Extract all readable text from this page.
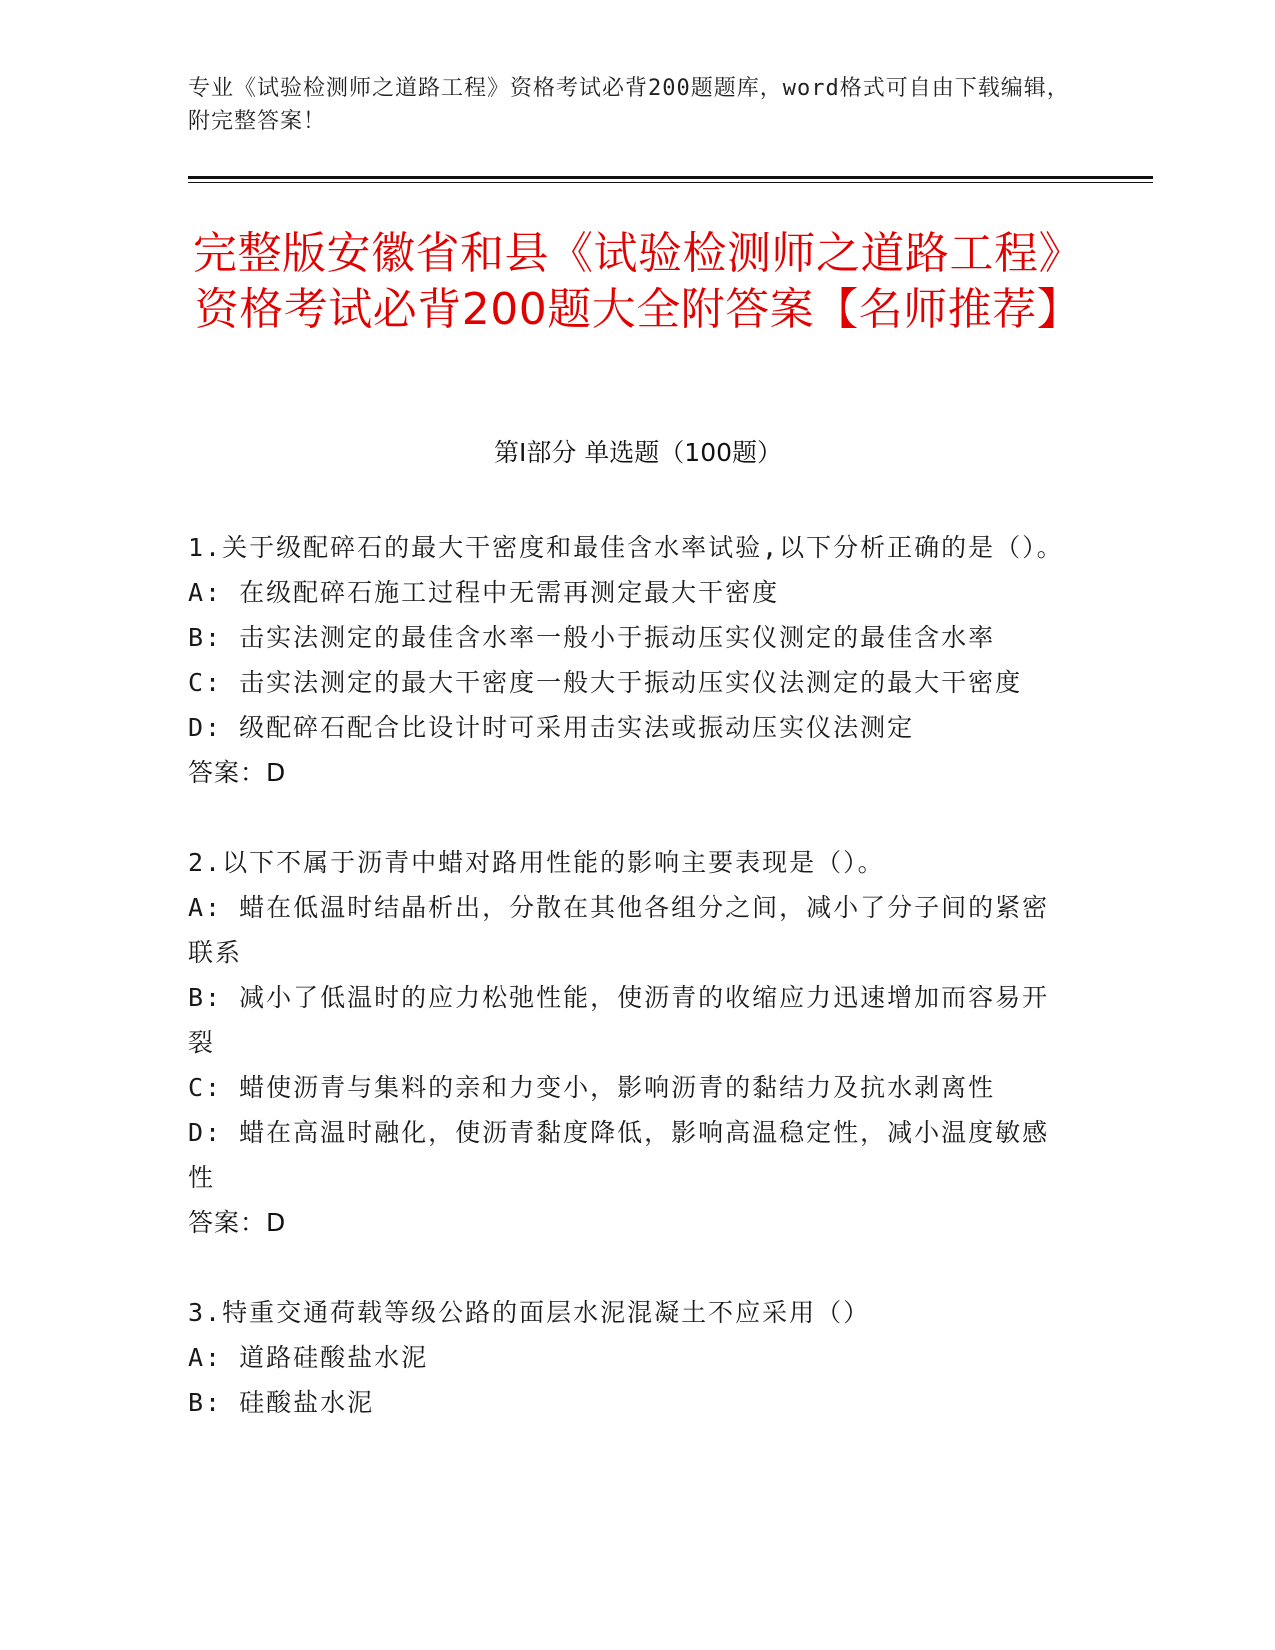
专业《试验检测师之道路工程》资格考试必背200题题库，word格式可自由下载编辑，附完整答案！
完整版安徽省和县《试验检测师之道路工程》资格考试必背200题大全附答案【名师推荐】
第I部分 单选题（100题）

1.关于级配碎石的最大干密度和最佳含水率试验,以下分析正确的是（）。

A: 在级配碎石施工过程中无需再测定最大干密度

B: 击实法测定的最佳含水率一般小于振动压实仪测定的最佳含水率

C: 击实法测定的最大干密度一般大于振动压实仪法测定的最大干密度

D: 级配碎石配合比设计时可采用击实法或振动压实仪法测定

答案：D

2.以下不属于沥青中蜡对路用性能的影响主要表现是（）。

A: 蜡在低温时结晶析出，分散在其他各组分之间，减小了分子间的紧密联系

B: 减小了低温时的应力松弛性能，使沥青的收缩应力迅速增加而容易开裂

C: 蜡使沥青与集料的亲和力变小，影响沥青的黏结力及抗水剥离性

D: 蜡在高温时融化，使沥青黏度降低，影响高温稳定性，减小温度敏感性

答案：D

3.特重交通荷载等级公路的面层水泥混凝土不应采用（）

A: 道路硅酸盐水泥

B: 硅酸盐水泥
